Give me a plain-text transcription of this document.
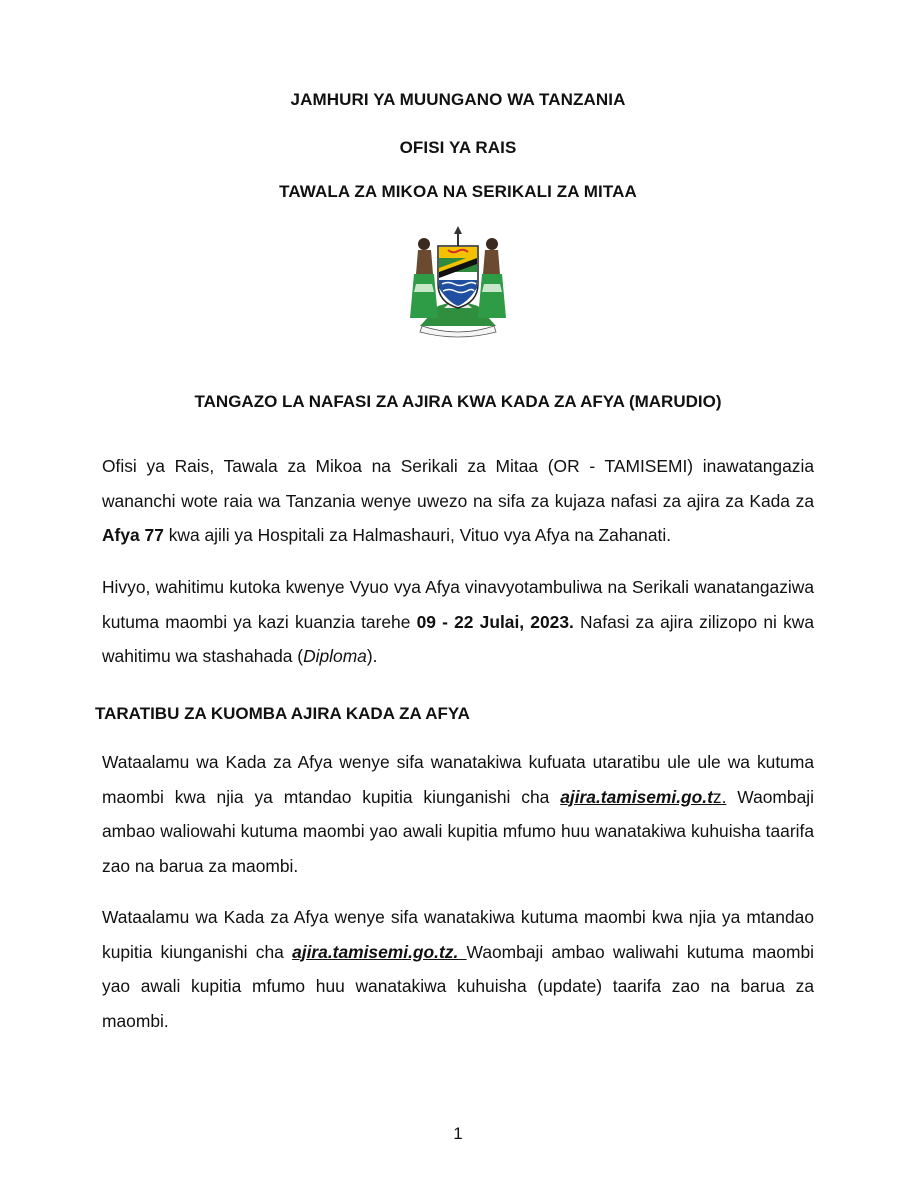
JAMHURI YA MUUNGANO WA TANZANIA
OFISI YA RAIS
TAWALA ZA MIKOA NA SERIKALI ZA MITAA
TANGAZO LA NAFASI ZA AJIRA KWA KADA ZA AFYA (MARUDIO)

Ofisi ya Rais, Tawala za Mikoa na Serikali za Mitaa (OR - TAMISEMI) inawatangazia wananchi wote raia wa Tanzania wenye uwezo na sifa za kujaza nafasi za ajira za Kada za Afya 77 kwa ajili ya Hospitali za Halmashauri, Vituo vya Afya na Zahanati.

Hivyo, wahitimu kutoka kwenye Vyuo vya Afya vinavyotambuliwa na Serikali wanatangaziwa kutuma maombi ya kazi kuanzia tarehe 09 - 22 Julai, 2023. Nafasi za ajira zilizopo ni kwa wahitimu wa stashahada (Diploma).

TARATIBU ZA KUOMBA AJIRA KADA ZA AFYA

Wataalamu wa Kada za Afya wenye sifa wanatakiwa kufuata utaratibu ule ule wa kutuma maombi kwa njia ya mtandao kupitia kiunganishi cha ajira.tamisemi.go.tz. Waombaji ambao waliowahi kutuma maombi yao awali kupitia mfumo huu wanatakiwa kuhuisha taarifa zao na barua za maombi.

Wataalamu wa Kada za Afya wenye sifa wanatakiwa kutuma maombi kwa njia ya mtandao kupitia kiunganishi cha ajira.tamisemi.go.tz. Waombaji ambao waliwahi kutuma maombi yao awali kupitia mfumo huu wanatakiwa kuhuisha (update) taarifa zao na barua za maombi.

1
